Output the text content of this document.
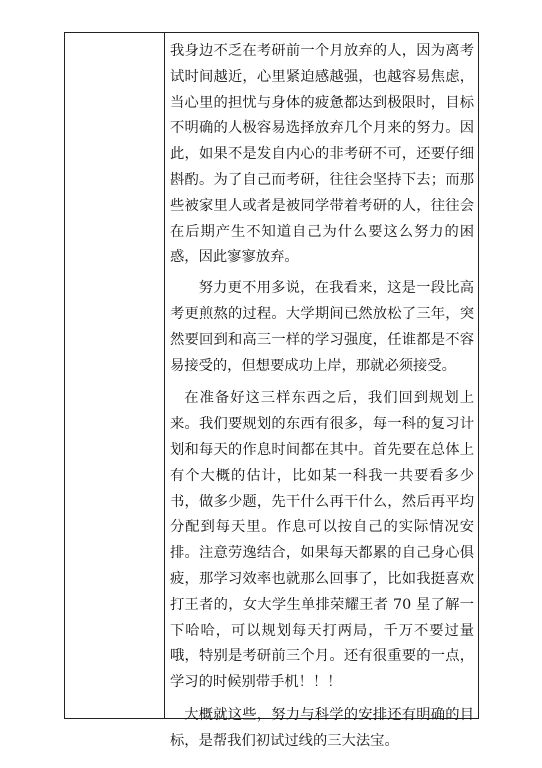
我身边不乏在考研前一个月放弃的人，因为离考试时间越近，心里紧迫感越强，也越容易焦虑，当心里的担忧与身体的疲惫都达到极限时，目标不明确的人极容易选择放弃几个月来的努力。因此，如果不是发自内心的非考研不可，还要仔细斟酌。为了自己而考研，往往会坚持下去；而那些被家里人或者是被同学带着考研的人，往往会在后期产生不知道自己为什么要这么努力的困惑，因此寥寥放弃。

努力更不用多说，在我看来，这是一段比高考更煎熬的过程。大学期间已然放松了三年，突然要回到和高三一样的学习强度，任谁都是不容易接受的，但想要成功上岸，那就必须接受。

在准备好这三样东西之后，我们回到规划上来。我们要规划的东西有很多，每一科的复习计划和每天的作息时间都在其中。首先要在总体上有个大概的估计，比如某一科我一共要看多少书，做多少题，先干什么再干什么，然后再平均分配到每天里。作息可以按自己的实际情况安排。注意劳逸结合，如果每天都累的自己身心俱疲，那学习效率也就那么回事了，比如我挺喜欢打王者的，女大学生单排荣耀王者 70 星了解一下哈哈，可以规划每天打两局，千万不要过量哦，特别是考研前三个月。还有很重要的一点，学习的时候别带手机！！！

大概就这些，努力与科学的安排还有明确的目标，是帮我们初试过线的三大法宝。
